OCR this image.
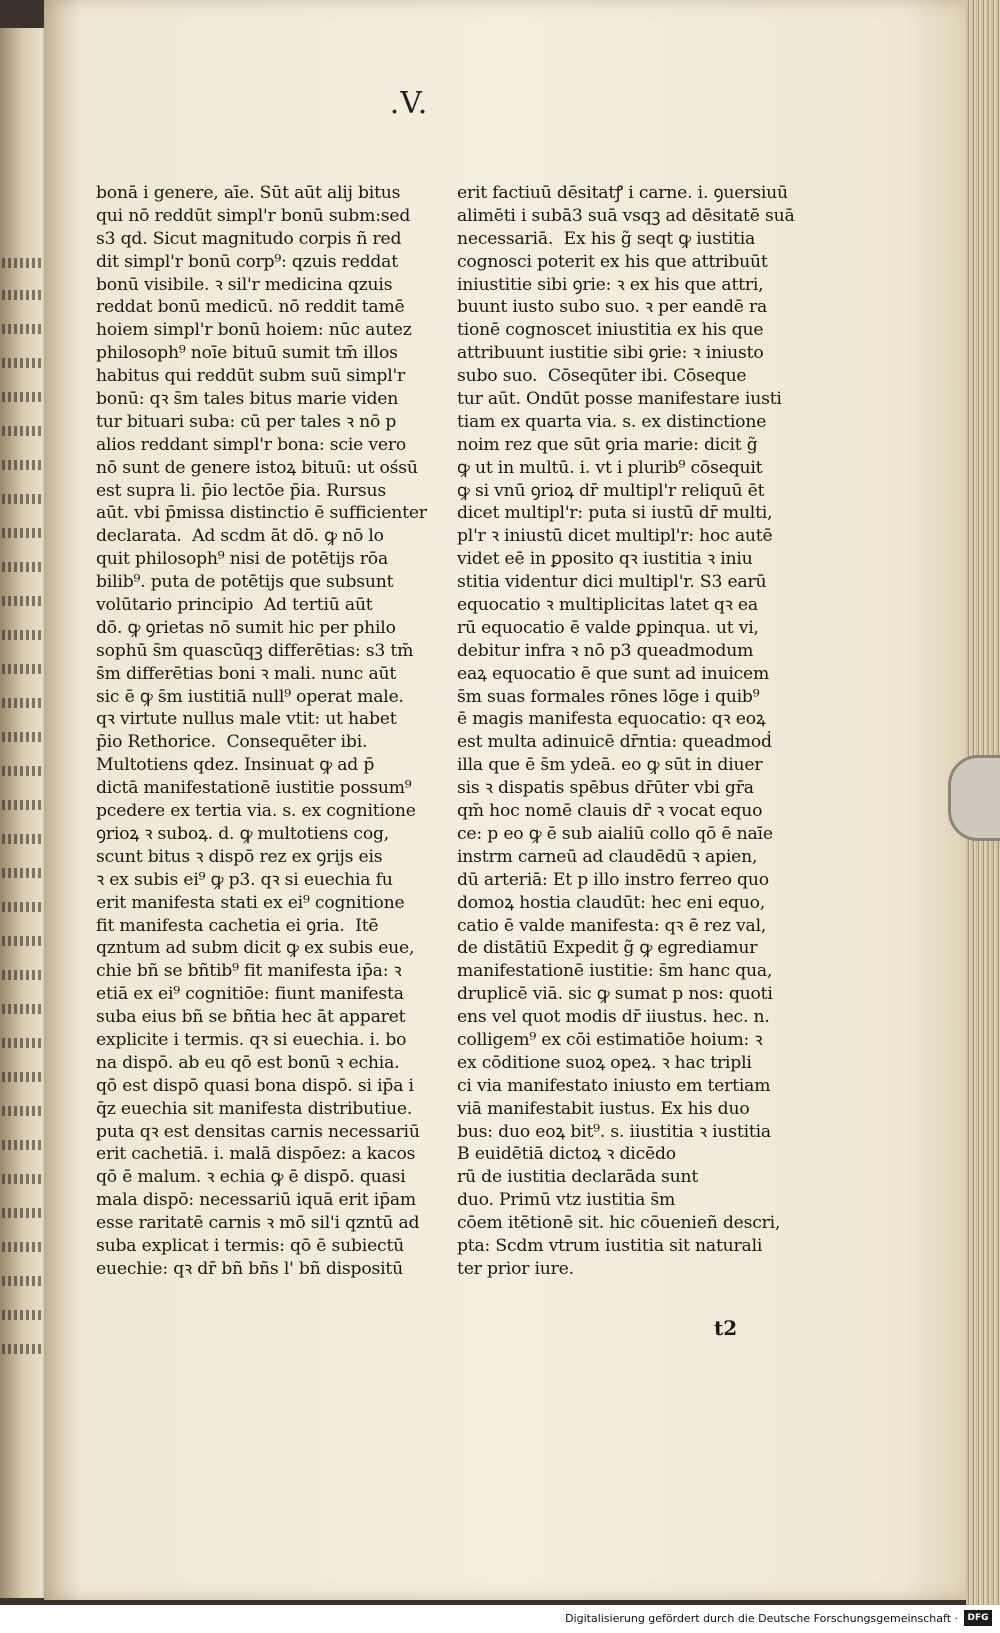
.V.
bonā i genere, aīe. Sūt aūt alij bitus
qui nō reddūt simpl'r bonū subm:sed
s3 qd. Sicut magnitudo corpis ñ red
dit simpl'r bonū corp⁹: qzuis reddat
bonū visibile. ꝛ sil'r medicina qzuis
reddat bonū medicū. nō reddit tamē
hoiem simpl'r bonū hoiem: nūc autez
philosoph⁹ noīe bituū sumit tm̄ illos
habitus qui reddūt subm suū simpl'r
bonū: qꝛ s̄m tales bitus marie viden
tur bituari suba: cū per tales ꝛ nō p
alios reddant simpl'r bona: scie vero
nō sunt de genere istoꝝ bituū: ut ośsū
est supra li. p̄io lectōe p̄ia. Rursus
aūt. vbi p̄missa distinctio ē sufficienter
declarata.  Ad scdm āt dō. ꝙ nō lo
quit philosoph⁹ nisi de potētijs rōa
bilib⁹. puta de potētijs que subsunt
volūtario principio  Ad tertiū aūt
dō. ꝙ ꝯrietas nō sumit hic per philo
sophū s̄m quascūqꝫ differētias: s3 tm̄
s̄m differētias boni ꝛ mali. nunc aūt
sic ē ꝙ s̄m iustitiā null⁹ operat male.
qꝛ virtute nullus male vtit: ut habet
p̄io Rethorice.  Consequēter ibi.
Multotiens qdez. Insinuat ꝙ ad p̄
dictā manifestationē iustitie possum⁹
pcedere ex tertia via. s. ex cognitione
ꝯrioꝝ ꝛ suboꝝ. d. ꝙ multotiens cog,
scunt bitus ꝛ dispō rez ex ꝯrijs eis
ꝛ ex subis ei⁹ ꝙ p3. qꝛ si euechia fu
erit manifesta stati ex ei⁹ cognitione
fit manifesta cachetia ei ꝯria.  Itē
qzntum ad subm dicit ꝙ ex subis eue,
chie bñ se bñtib⁹ fit manifesta ip̄a: ꝛ
etiā ex ei⁹ cognitiōe: fiunt manifesta
suba eius bñ se bñtia hec āt apparet
explicite i termis. qꝛ si euechia. i. bo
na dispō. ab eu qō est bonū ꝛ echia.
qō est dispō quasi bona dispō. si ip̄a i
q̄z euechia sit manifesta distributiue.
puta qꝛ est densitas carnis necessariū
erit cachetiā. i. malā dispōez: a kacos
qō ē malum. ꝛ echia ꝙ ē dispō. quasi
mala dispō: necessariū iquā erit ip̄am
esse raritatē carnis ꝛ mō sil'i qzntū ad
suba explicat i termis: qō ē subiectū
euechie: qꝛ dr̄ bñ bñs l' bñ dispositū
erit factiuū dēsitatꝭ i carne. i. ꝯuersiuū
alimēti i subā3 suā vsqꝫ ad dēsitatē suā
necessariā.  Ex his g̃ seqt ꝙ iustitia
cognosci poterit ex his que attribuūt
iniustitie sibi ꝯrie: ꝛ ex his que attri,
buunt iusto subo suo. ꝛ per eandē ra
tionē cognoscet iniustitia ex his que
attribuunt iustitie sibi ꝯrie: ꝛ iniusto
subo suo.  Cōseqūter ibi. Cōseque
tur aūt. Ondūt posse manifestare iusti
tiam ex quarta via. s. ex distinctione
noim rez que sūt ꝯria marie: dicit g̃
ꝙ ut in multū. i. vt i plurib⁹ cōsequit
ꝙ si vnū ꝯrioꝝ dr̄ multipl'r reliquū ēt
dicet multipl'r: puta si iustū dr̄ multi,
pl'r ꝛ iniustū dicet multipl'r: hoc autē
videt eē in ꝑposito qꝛ iustitia ꝛ iniu
stitia videntur dici multipl'r. S3 earū
equocatio ꝛ multiplicitas latet qꝛ ea
rū equocatio ē valde ꝑpinqua. ut vi,
debitur infra ꝛ nō p3 queadmodum
eaꝝ equocatio ē que sunt ad inuicem
s̄m suas formales rōnes lōge i quib⁹
ē magis manifesta equocatio: qꝛ eoꝝ
est multa adinuicē dr̄ntia: queadmoḋ
illa que ē s̄m ydeā. eo ꝙ sūt in diuer
sis ꝛ dispatis spēbus dr̄ūter vbi gr̄a
qm̄ hoc nomē clauis dr̄ ꝛ vocat equo
ce: p eo ꝙ ē sub aialiū collo qō ē naīe
instrm carneū ad claudēdū ꝛ apien,
dū arteriā: Et p illo instro ferreo quo
domoꝝ hostia claudūt: hec eni equo,
catio ē valde manifesta: qꝛ ē rez val,
de distātiū Expedit g̃ ꝙ egrediamur
manifestationē iustitie: s̄m hanc qua,
druplicē viā. sic ꝙ sumat p nos: quoti
ens vel quot modis dr̄ iiustus. hec. n.
colligem⁹ ex cōi estimatiōe hoium: ꝛ
ex cōditione suoꝝ opeꝝ. ꝛ hac tripli
ci via manifestato iniusto em tertiam
viā manifestabit iustus. Ex his duo
bus: duo eoꝝ bit⁹. s. iiustitia ꝛ iustitia
B euidētiā dictoꝝ ꝛ dicēdo
rū de iustitia declarāda sunt
duo. Primū vtz iustitia s̄m
cōem itētionē sit. hic cōuenieñ descri,
pta: Scdm vtrum iustitia sit naturali
ter prior iure.
t2
Digitalisierung gefördert durch die Deutsche Forschungsgemeinschaft ·	DFG
